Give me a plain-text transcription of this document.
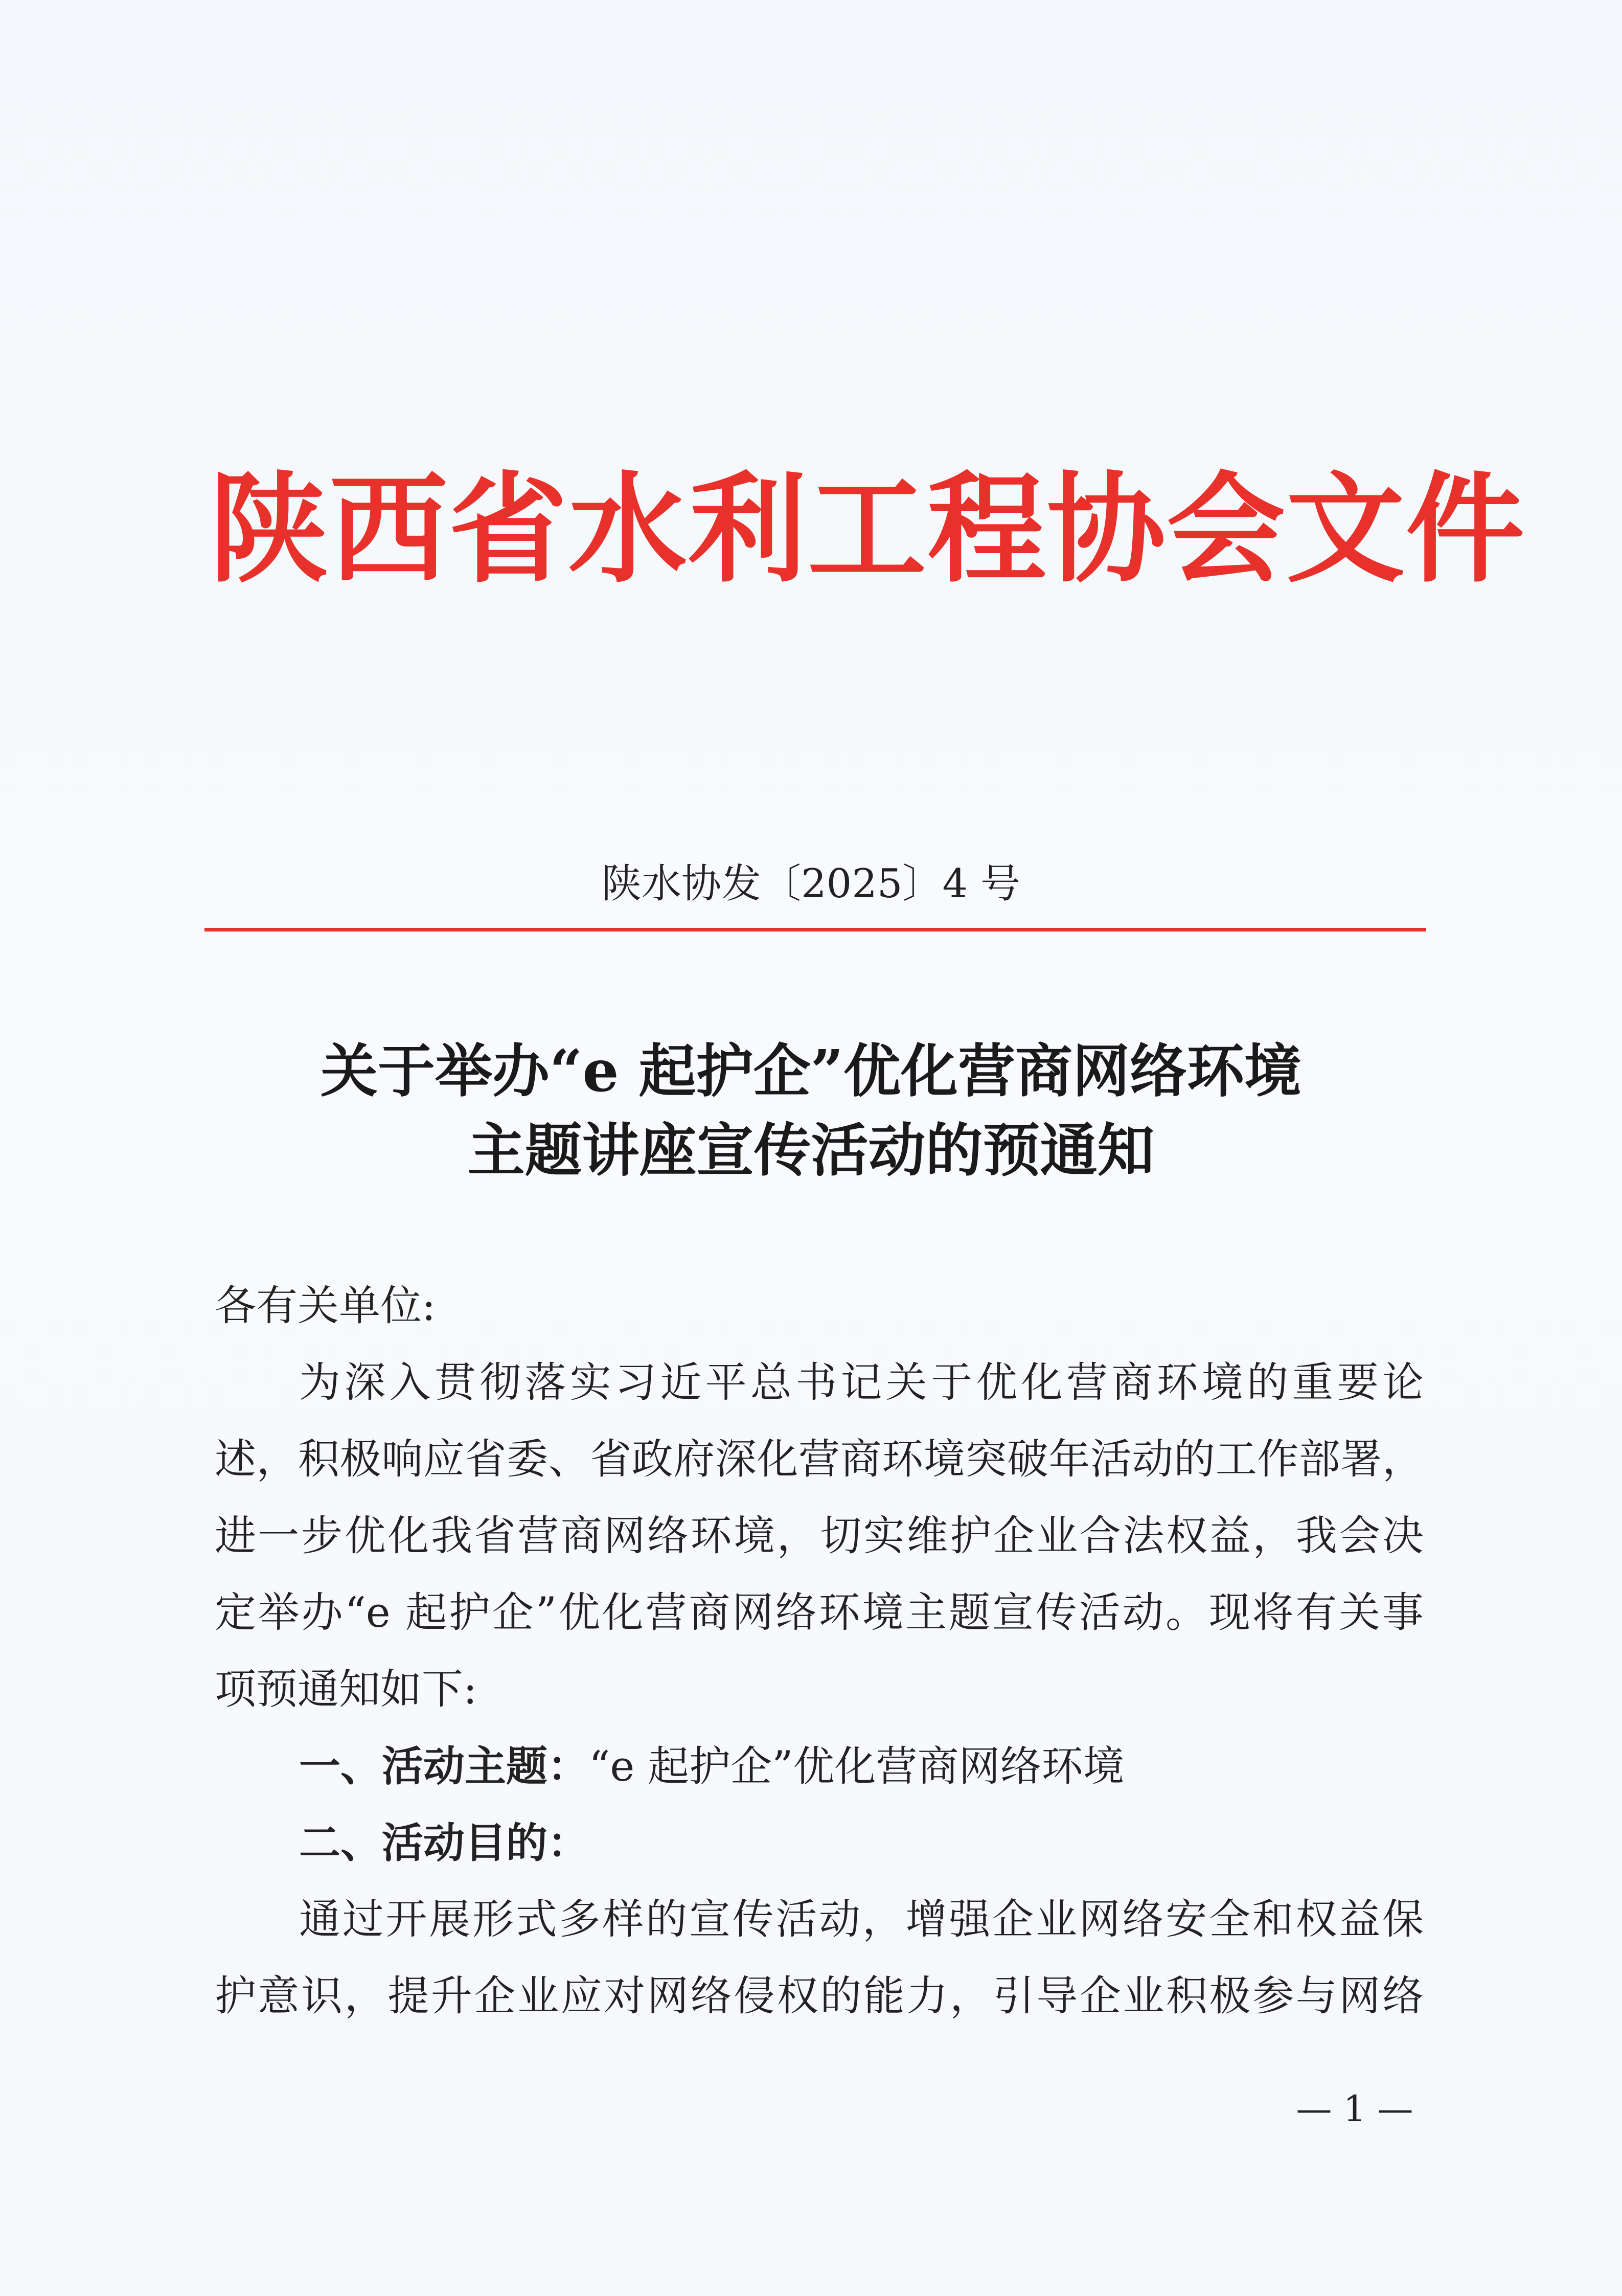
陕西省水利工程协会文件
陕水协发〔2025〕4 号
关于举办“e 起护企”优化营商网络环境
主题讲座宣传活动的预通知
各有关单位:
为深入贯彻落实习近平总书记关于优化营商环境的重要论
述，积极响应省委、省政府深化营商环境突破年活动的工作部署，
进一步优化我省营商网络环境，切实维护企业合法权益，我会决
定举办“e 起护企”优化营商网络环境主题宣传活动。现将有关事
项预通知如下:
一、活动主题：“e 起护企”优化营商网络环境
二、活动目的：
通过开展形式多样的宣传活动，增强企业网络安全和权益保
护意识，提升企业应对网络侵权的能力，引导企业积极参与网络
— 1 —
